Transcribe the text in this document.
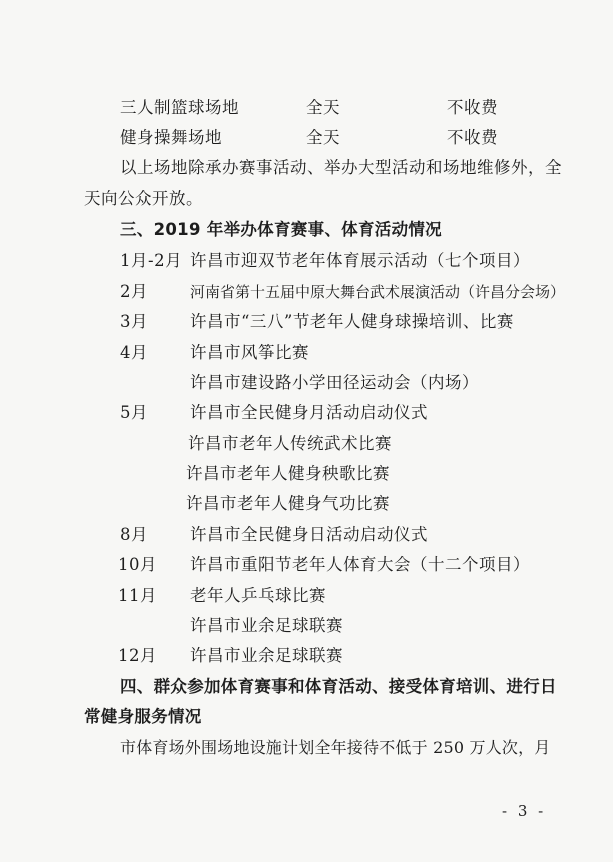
三人制篮球场地	全天	不收费
健身操舞场地	全天	不收费
以上场地除承办赛事活动、举办大型活动和场地维修外，全
天向公众开放。
三、2019 年举办体育赛事、体育活动情况
1月-2月 许昌市迎双节老年体育展示活动（七个项目）
2月	河南省第十五届中原大舞台武术展演活动（许昌分会场）
3月	许昌市“三八”节老年人健身球操培训、比赛
4月	许昌市风筝比赛
许昌市建设路小学田径运动会（内场）
5月	许昌市全民健身月活动启动仪式
许昌市老年人传统武术比赛
许昌市老年人健身秧歌比赛
许昌市老年人健身气功比赛
8月	许昌市全民健身日活动启动仪式
10月 许昌市重阳节老年人体育大会（十二个项目）
11月 老年人乒乓球比赛
许昌市业余足球联赛
12月 许昌市业余足球联赛
四、群众参加体育赛事和体育活动、接受体育培训、进行日
常健身服务情况
市体育场外围场地设施计划全年接待不低于 250 万人次，月
- 3 -
